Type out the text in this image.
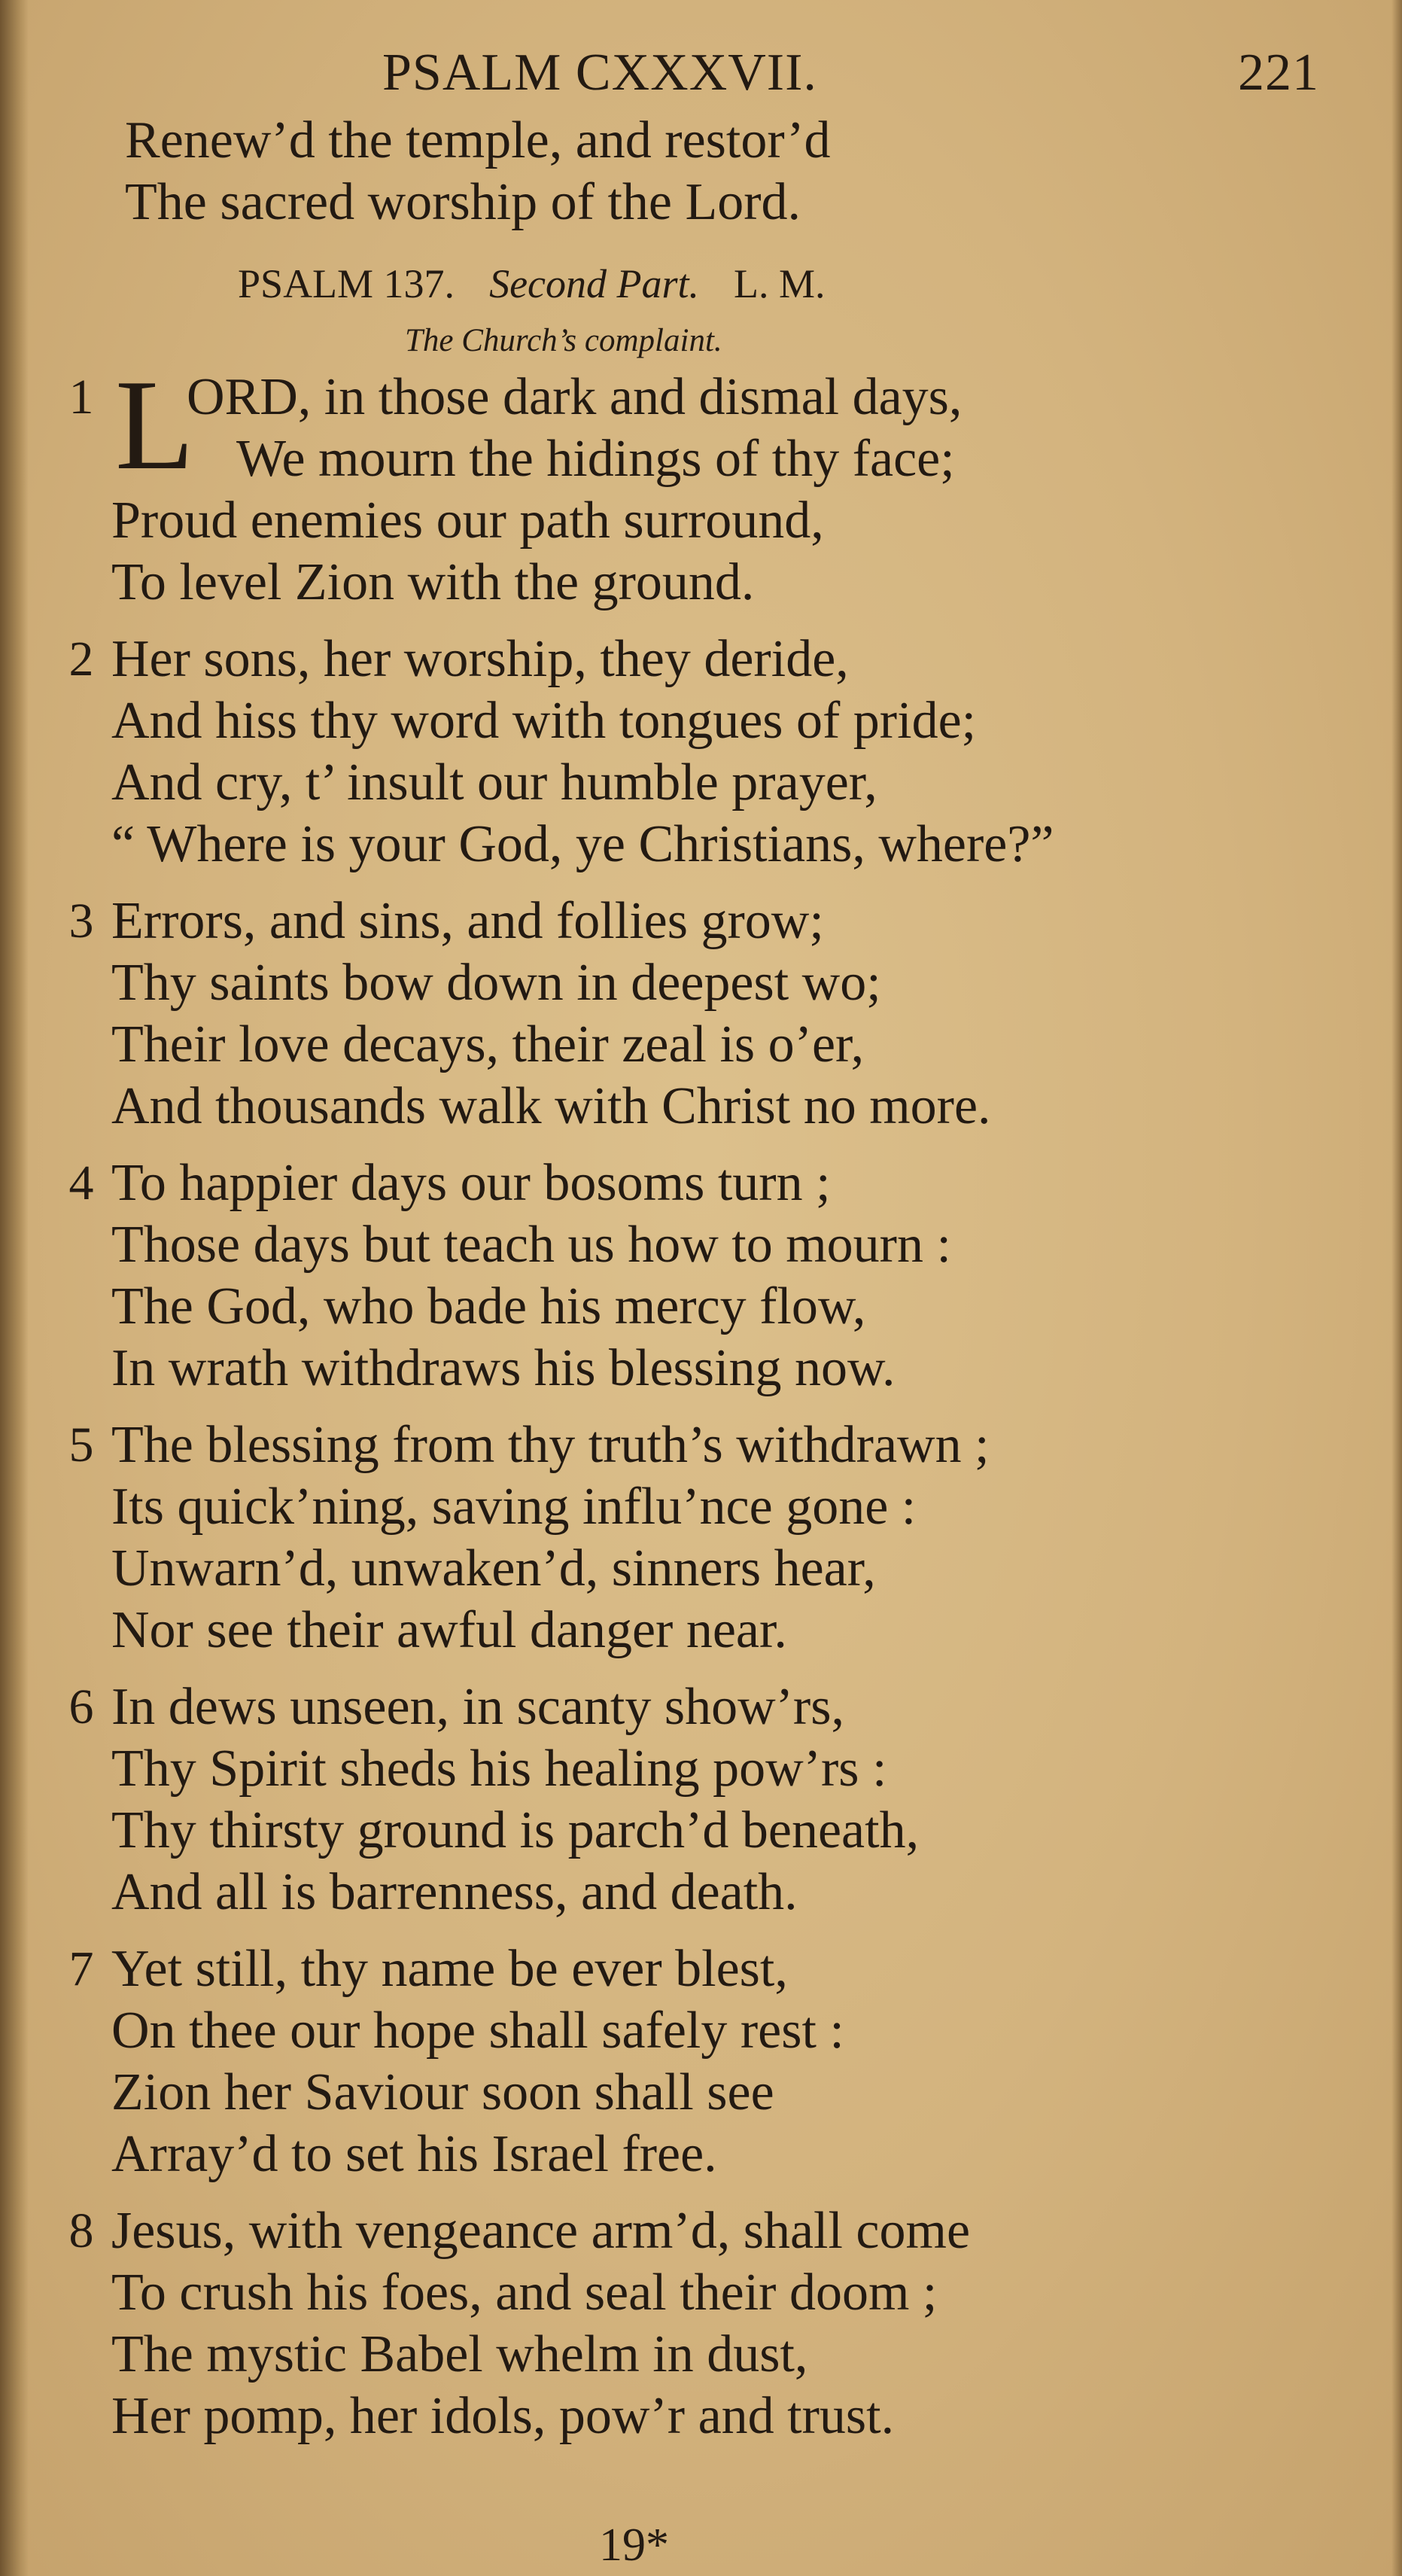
PSALM CXXXVII.	221
Renew’d the temple, and restor’d
The sacred worship of the Lord.
PSALM 137. Second Part. L. M.
The Church’s complaint.
1 L
ORD, in those dark and dismal days,
We mourn the hidings of thy face;
Proud enemies our path surround,
To level Zion with the ground.
2 Her sons, her worship, they deride,
And hiss thy word with tongues of pride;
And cry, t’ insult our humble prayer,
“ Where is your God, ye Christians, where?”
3 Errors, and sins, and follies grow;
Thy saints bow down in deepest wo;
Their love decays, their zeal is o’er,
And thousands walk with Christ no more.
4 To happier days our bosoms turn ;
Those days but teach us how to mourn :
The God, who bade his mercy flow,
In wrath withdraws his blessing now.
5 The blessing from thy truth’s withdrawn ;
Its quick’ning, saving influ’nce gone :
Unwarn’d, unwaken’d, sinners hear,
Nor see their awful danger near.
6 In dews unseen, in scanty show’rs,
Thy Spirit sheds his healing pow’rs :
Thy thirsty ground is parch’d beneath,
And all is barrenness, and death.
7 Yet still, thy name be ever blest,
On thee our hope shall safely rest :
Zion her Saviour soon shall see
Array’d to set his Israel free.
8 Jesus, with vengeance arm’d, shall come
To crush his foes, and seal their doom ;
The mystic Babel whelm in dust,
Her pomp, her idols, pow’r and trust.
19*
